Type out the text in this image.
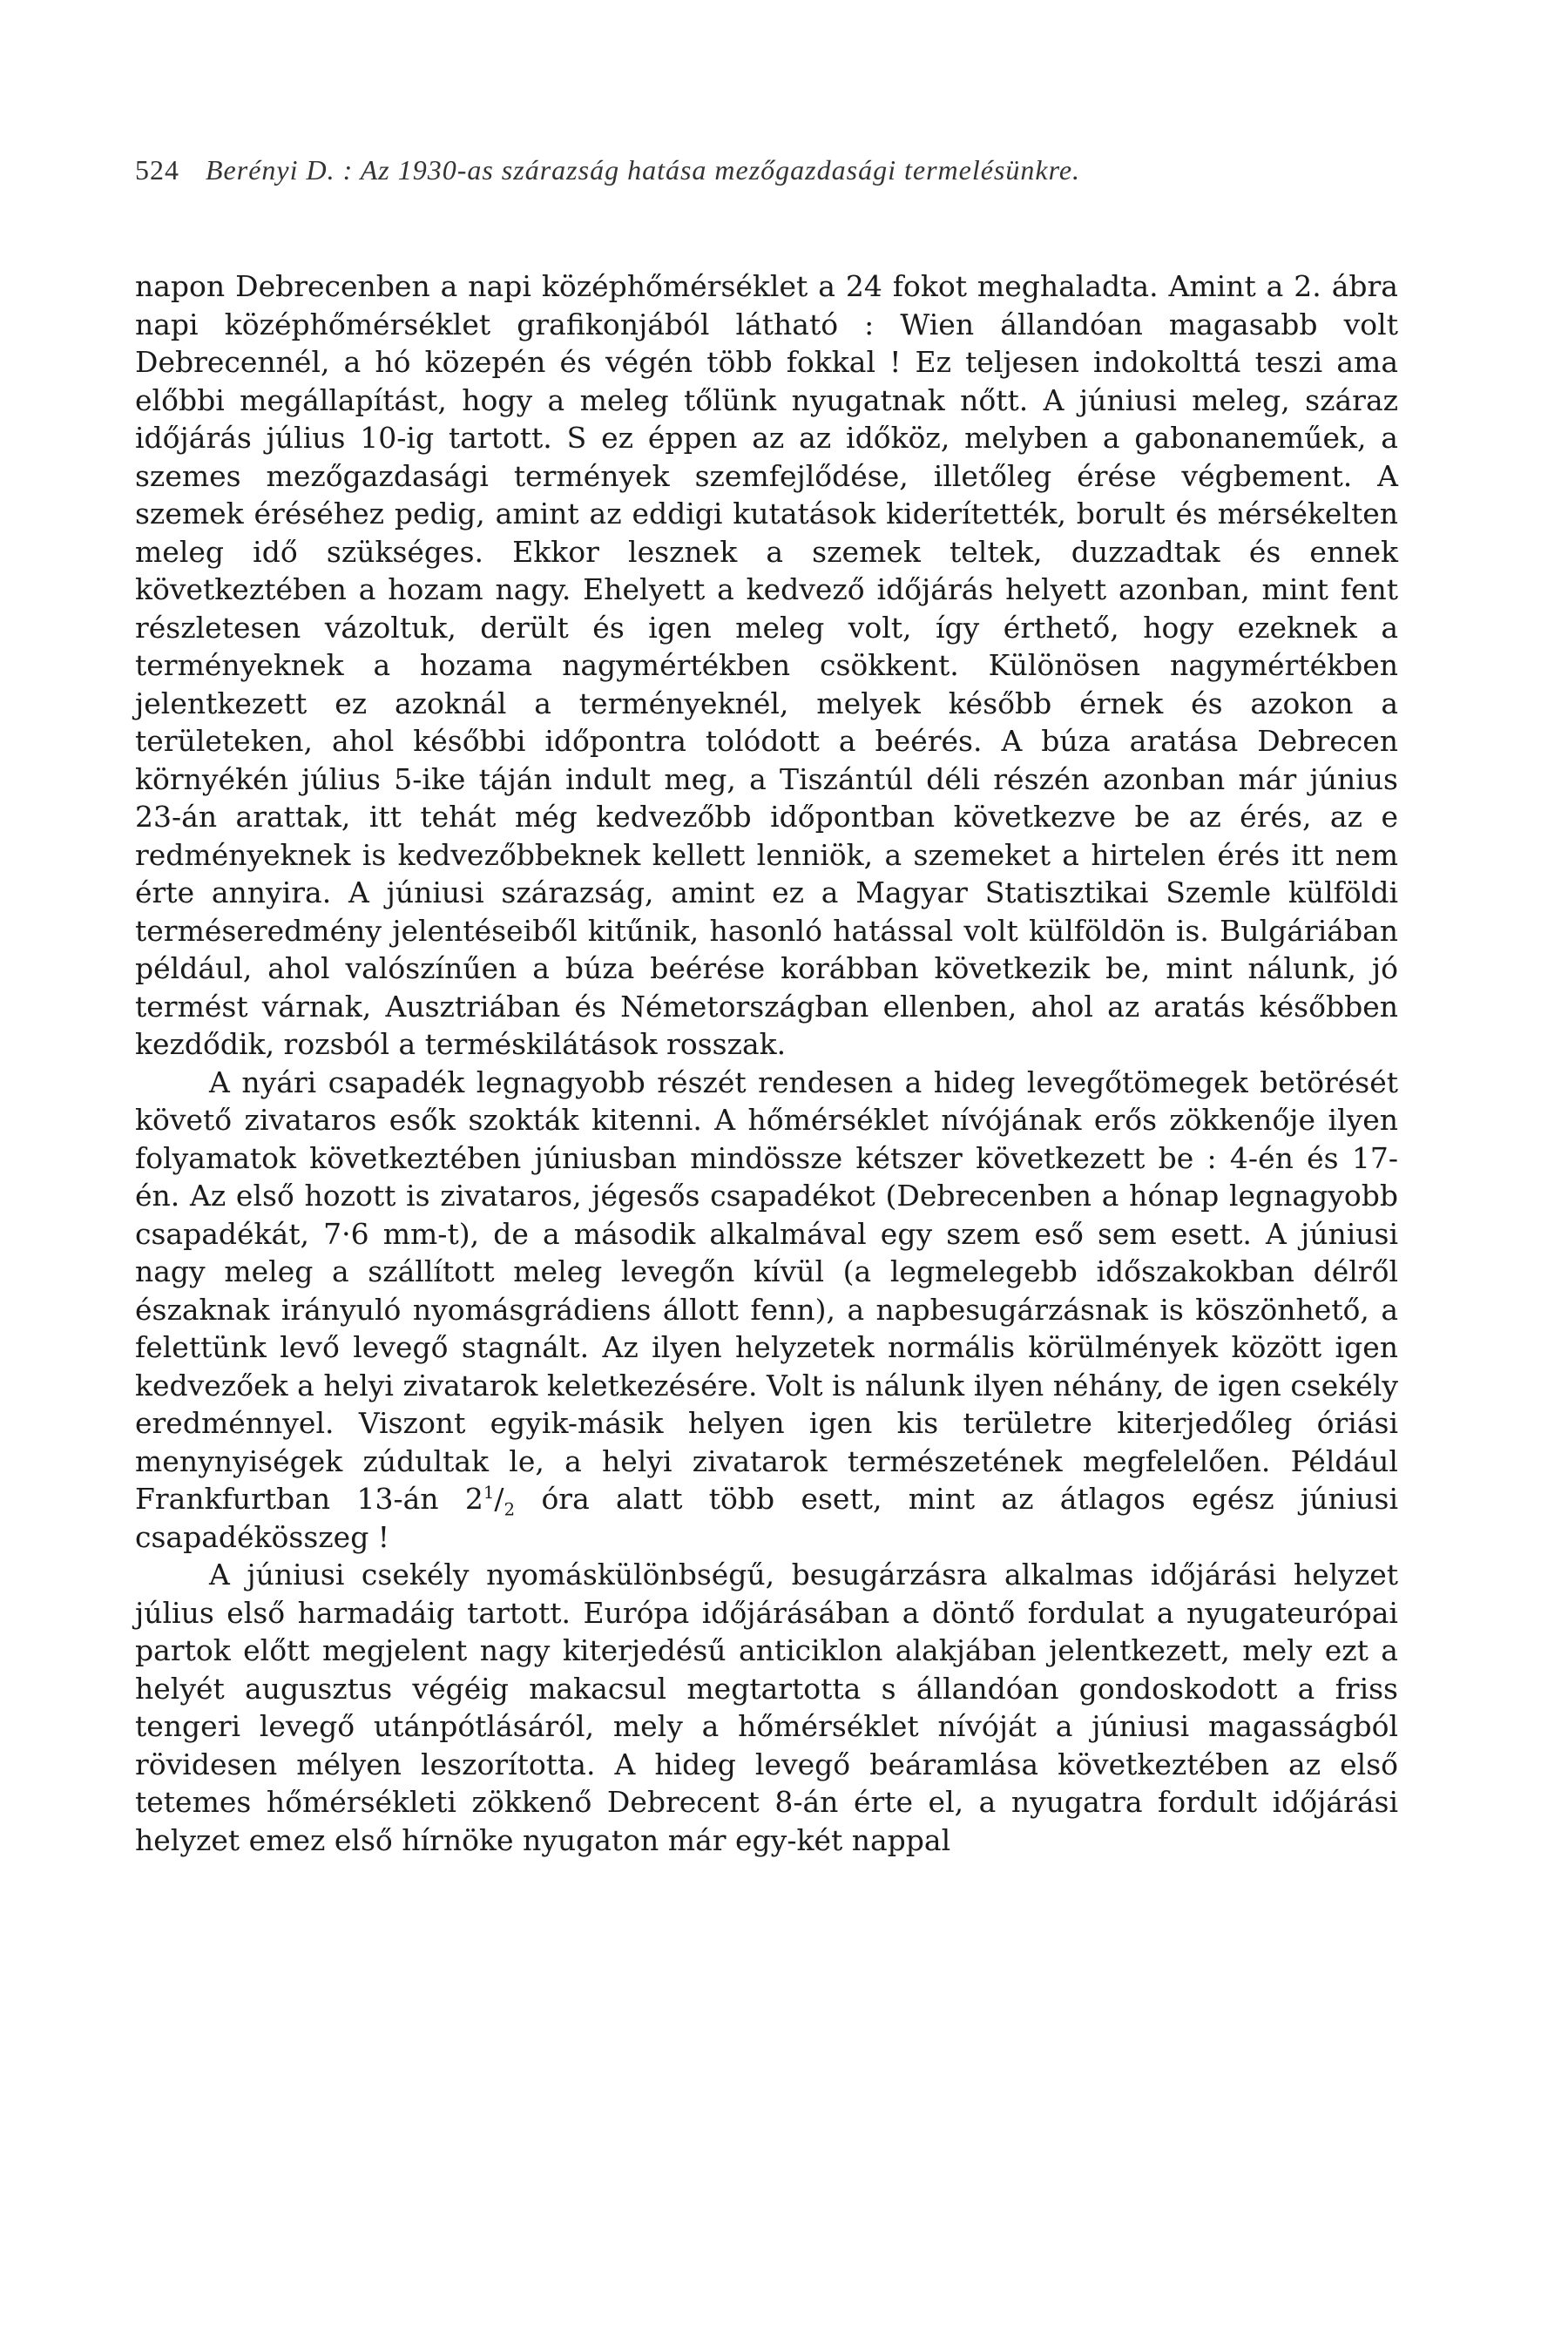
524 Berényi D. : Az 1930-as szárazság hatása mezőgazdasági termelésünkre.

napon Debrecenben a napi középhőmérséklet a 24 fokot meghaladta. Amint a 2. ábra napi középhőmérséklet grafikonjából látható : Wien állandóan magasabb volt Debrecennél, a hó közepén és végén több fokkal ! Ez teljesen indokolttá teszi ama előbbi megállapítást, hogy a meleg tőlünk nyugatnak nőtt. A júniusi meleg, száraz időjárás július 10-ig tartott. S ez éppen az az időköz, melyben a gabonaneműek, a szemes mezőgazdasági termények szemfejlődése, illetőleg érése végbement. A szemek éréséhez pedig, amint az eddigi kutatások kiderítették, borult és mérsékelten meleg idő szükséges. Ekkor lesznek a szemek teltek, duzzadtak és ennek következtében a hozam nagy. Ehelyett a kedvező időjárás helyett azonban, mint fent részletesen vázoltuk, derült és igen meleg volt, így érthető, hogy ezeknek a terményeknek a hozama nagymértékben csökkent. Különösen nagymértékben jelentkezett ez azoknál a terményeknél, melyek később érnek és azokon a területeken, ahol későbbi időpontra tolódott a beérés. A búza aratása Debrecen környékén július 5-ike táján indult meg, a Tiszántúl déli részén azonban már június 23-án arattak, itt tehát még kedvezőbb időpontban következve be az érés, az e redményeknek is kedvezőbbeknek kellett lenniök, a szemeket a hirtelen érés itt nem érte annyira. A júniusi szárazság, amint ez a Magyar Statisztikai Szemle külföldi terméseredmény jelentéseiből kitűnik, hasonló hatással volt külföldön is. Bulgáriában például, ahol valószínűen a búza beérése korábban következik be, mint nálunk, jó termést várnak, Ausztriában és Németországban ellenben, ahol az aratás későbben kezdődik, rozsból a terméskilátások rosszak.

A nyári csapadék legnagyobb részét rendesen a hideg levegőtömegek betörését követő zivataros esők szokták kitenni. A hőmérséklet nívójának erős zökkenője ilyen folyamatok következtében júniusban mindössze kétszer következett be : 4-én és 17-én. Az első hozott is zivataros, jégesős csapadékot (Debrecenben a hónap legnagyobb csapadékát, 7·6 mm-t), de a második alkalmával egy szem eső sem esett. A júniusi nagy meleg a szállított meleg levegőn kívül (a legmelegebb időszakokban délről északnak irányuló nyomásgrádiens állott fenn), a napbesugárzásnak is köszönhető, a felettünk levő levegő stagnált. Az ilyen helyzetek normális körülmények között igen kedvezőek a helyi zivatarok keletkezésére. Volt is nálunk ilyen néhány, de igen csekély eredménnyel. Viszont egyik-másik helyen igen kis területre kiterjedőleg óriási menynyiségek zúdultak le, a helyi zivatarok természetének megfelelően. Például Frankfurtban 13-án $2^1/_2$ óra alatt több esett, mint az átlagos egész júniusi csapadékösszeg !

A júniusi csekély nyomáskülönbségű, besugárzásra alkalmas időjárási helyzet július első harmadáig tartott. Európa időjárásában a döntő fordulat a nyugateurópai partok előtt megjelent nagy kiterjedésű anticiklon alakjában jelentkezett, mely ezt a helyét augusztus végéig makacsul megtartotta s állandóan gondoskodott a friss tengeri levegő utánpótlásáról, mely a hőmérséklet nívóját a júniusi magasságból rövidesen mélyen leszorította. A hideg levegő beáramlása következtében az első tetemes hőmérsékleti zökkenő Debrecent 8-án érte el, a nyugatra fordult időjárási helyzet emez első hírnöke nyugaton már egy-két nappal
